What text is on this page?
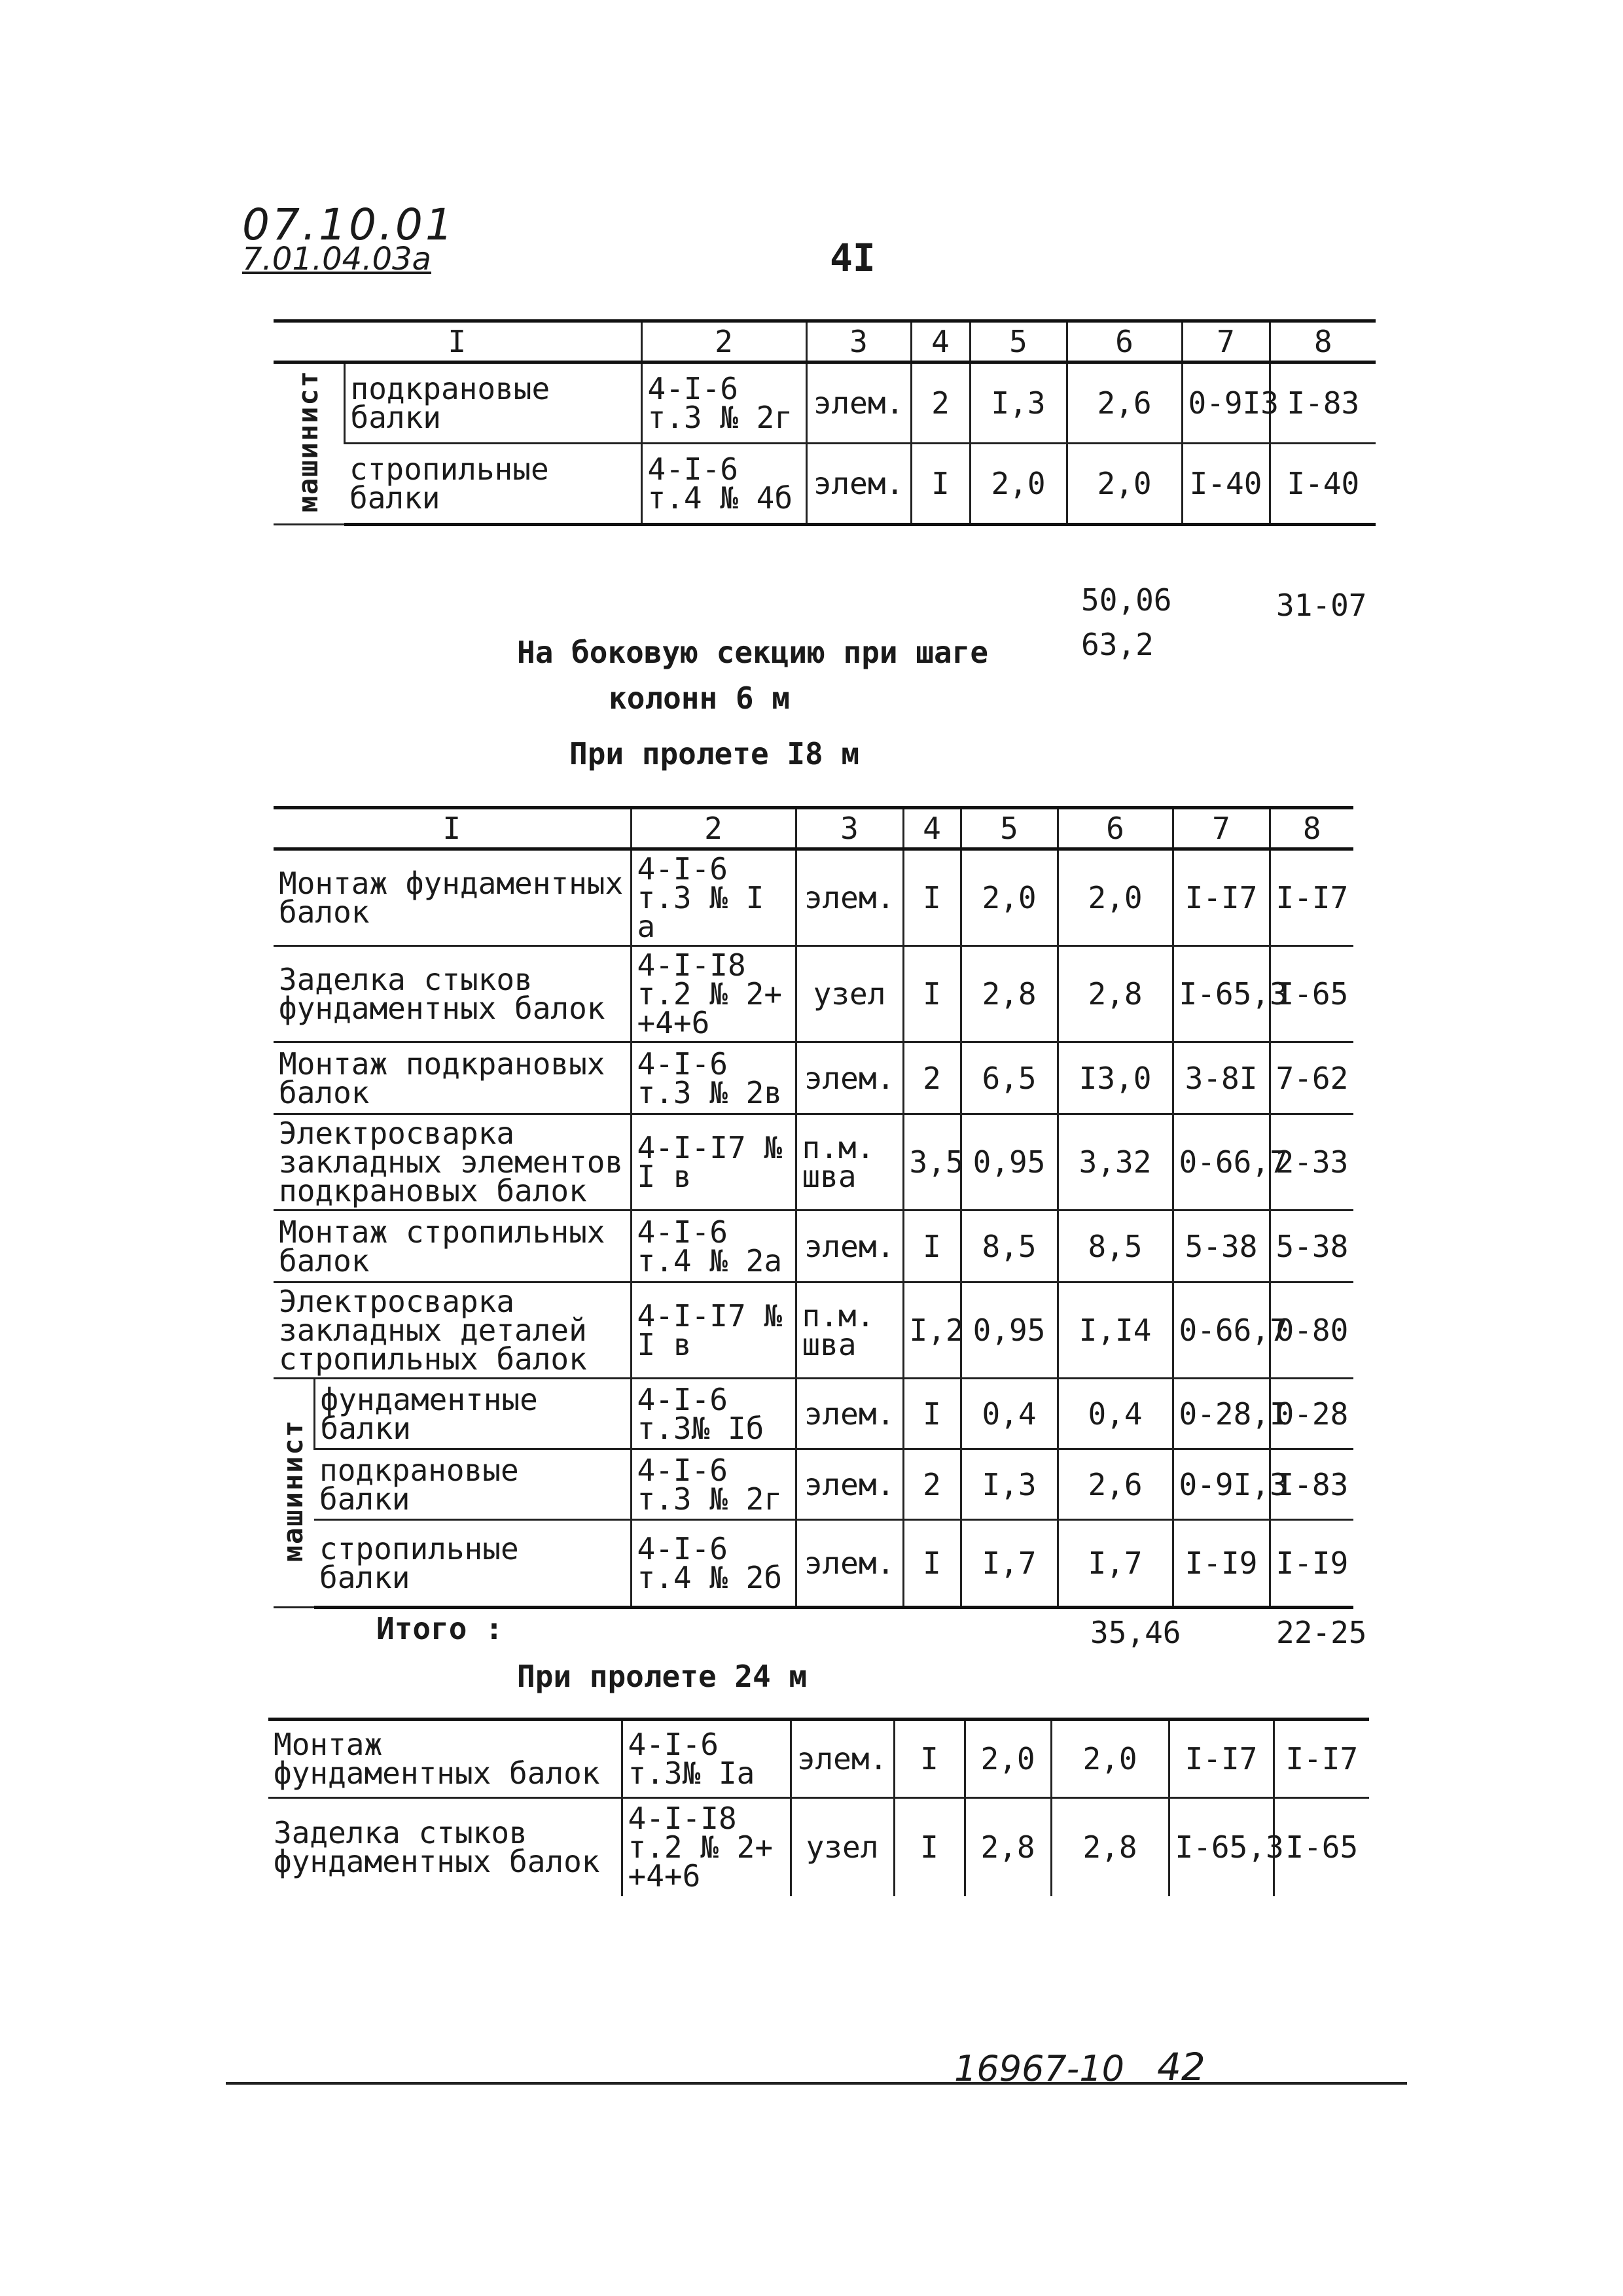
07.10.01
7.01.04.03а	4I
I		2	3	4	5	6	7	8
машинист	подкрановые балки	4-I-6 т.3 № 2г	элем.	2	I,3	2,6	0-9I3	I-83
	стропильные балки	4-I-6 т.4 № 4б	элем.	I	2,0	2,0	I-40	I-40
50,06	31-07
63,2
На боковую секцию при шаге
колонн 6 м
При пролете I8 м
I		2	3	4	5	6	7	8
Монтаж фундаментных балок		4-I-6 т.3 № I а	элем.	I	2,0	2,0	I-I7	I-I7
Заделка стыков фундаментных балок		4-I-I8 т.2 № 2+ +4+6	узел	I	2,8	2,8	I-65,3	I-65
Монтаж подкрановых балок		4-I-6 т.3 № 2в	элем.	2	6,5	I3,0	3-8I	7-62
Электросварка закладных элементов подкрановых балок		4-I-I7 № I в	п.м. шва	3,5	0,95	3,32	0-66,7	2-33
Монтаж стропильных балок		4-I-6 т.4 № 2а	элем.	I	8,5	8,5	5-38	5-38
Электросварка закладных деталей стропильных балок		4-I-I7 № I в	п.м. шва	I,2	0,95	I,I4	0-66,7	0-80
машинист	фундаментные балки	4-I-6 т.3№ Iб	элем.	I	0,4	0,4	0-28,I	0-28
	подкрановые балки	4-I-6 т.3 № 2г	элем.	2	I,3	2,6	0-9I,3	I-83
	стропильные балки	4-I-6 т.4 № 2б	элем.	I	I,7	I,7	I-I9	I-I9
Итого :	35,46	22-25
При пролете 24 м
Монтаж фундаментных балок	4-I-6 т.3№ Iа	элем.	I	2,0	2,0	I-I7	I-I7
Заделка стыков фундаментных балок	4-I-I8 т.2 № 2+ +4+6	узел	I	2,8	2,8	I-65,3	I-65
16967-10 42
